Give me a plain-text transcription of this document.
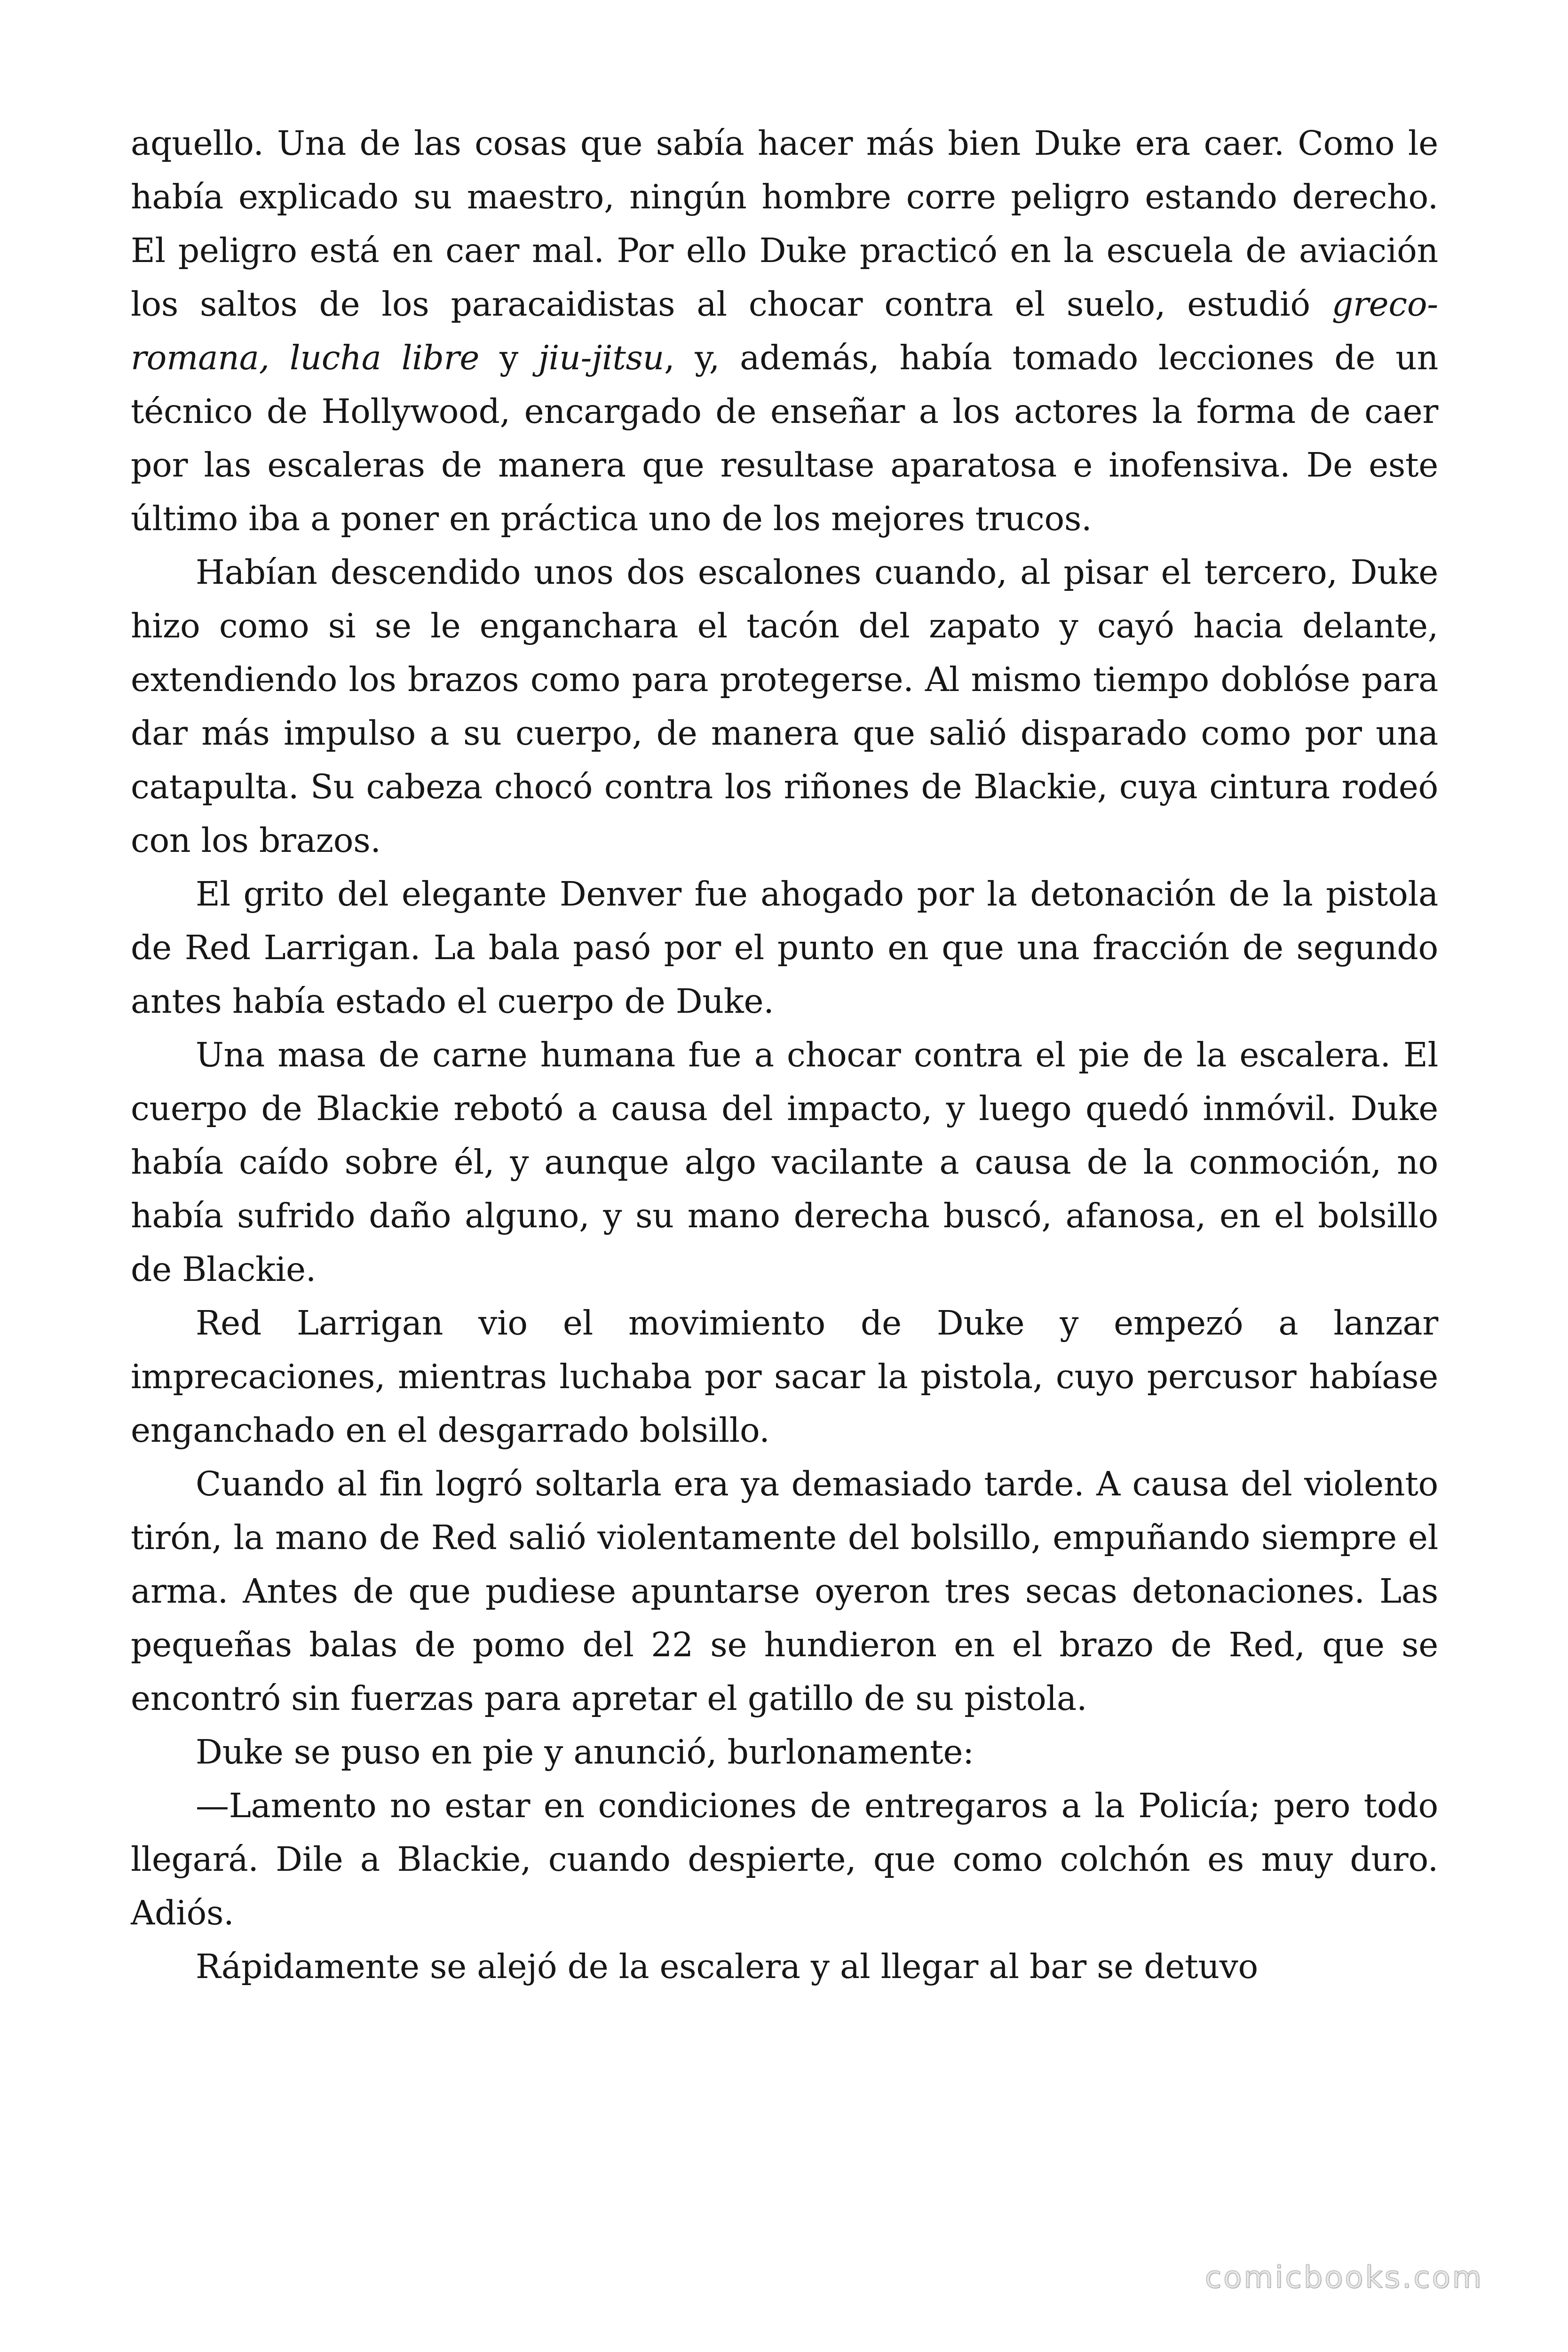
aquello. Una de las cosas que sabía hacer más bien Duke era caer. Como le había explicado su maestro, ningún hombre corre peligro estando derecho. El peligro está en caer mal. Por ello Duke practicó en la escuela de aviación los saltos de los paracaidistas al chocar contra el suelo, estudió greco-romana, lucha libre y jiu-jitsu, y, además, había tomado lecciones de un técnico de Hollywood, encargado de enseñar a los actores la forma de caer por las escaleras de manera que resultase aparatosa e inofensiva. De este último iba a poner en práctica uno de los mejores trucos.

Habían descendido unos dos escalones cuando, al pisar el tercero, Duke hizo como si se le enganchara el tacón del zapato y cayó hacia delante, extendiendo los brazos como para protegerse. Al mismo tiempo doblóse para dar más impulso a su cuerpo, de manera que salió disparado como por una catapulta. Su cabeza chocó contra los riñones de Blackie, cuya cintura rodeó con los brazos.

El grito del elegante Denver fue ahogado por la detonación de la pistola de Red Larrigan. La bala pasó por el punto en que una fracción de segundo antes había estado el cuerpo de Duke.

Una masa de carne humana fue a chocar contra el pie de la escalera. El cuerpo de Blackie rebotó a causa del impacto, y luego quedó inmóvil. Duke había caído sobre él, y aunque algo vacilante a causa de la conmoción, no había sufrido daño alguno, y su mano derecha buscó, afanosa, en el bolsillo de Blackie.

Red Larrigan vio el movimiento de Duke y empezó a lanzar imprecaciones, mientras luchaba por sacar la pistola, cuyo percusor habíase enganchado en el desgarrado bolsillo.

Cuando al fin logró soltarla era ya demasiado tarde. A causa del violento tirón, la mano de Red salió violentamente del bolsillo, empuñando siempre el arma. Antes de que pudiese apuntarse oyeron tres secas detonaciones. Las pequeñas balas de pomo del 22 se hundieron en el brazo de Red, que se encontró sin fuerzas para apretar el gatillo de su pistola.

Duke se puso en pie y anunció, burlonamente:

—Lamento no estar en condiciones de entregaros a la Policía; pero todo llegará. Dile a Blackie, cuando despierte, que como colchón es muy duro. Adiós.

Rápidamente se alejó de la escalera y al llegar al bar se detuvo

comicbooks.com
